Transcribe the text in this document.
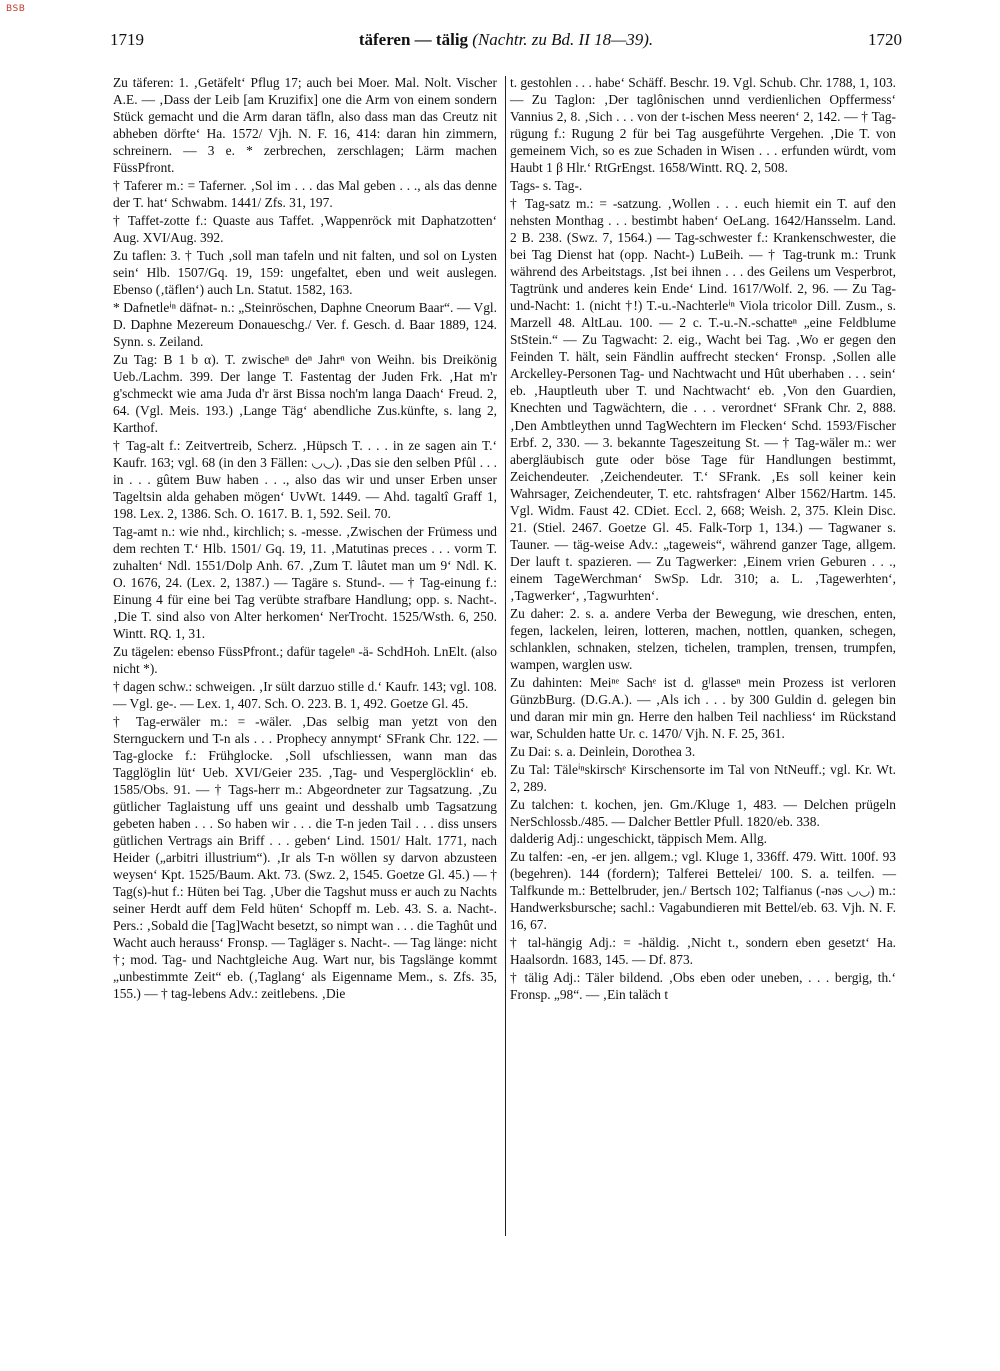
BSB
1719	täferen — tälig (Nachtr. zu Bd. II 18—39).	1720

Zu täferen: 1. ‚Getäfelt‘ Pflug 17; auch bei Moer. Mal. Nolt. Vischer A.E. — ‚Dass der Leib [am Kruzifix] one die Arm von einem sondern Stück gemacht und die Arm daran täfln, also dass man das Creutz nit abheben dörfte‘ Ha. 1572/ Vjh. N. F. 16, 414: daran hin zimmern, schreinern. — 3 e. * zerbrechen, zerschlagen; Lärm machen FüssPfront.

† Taferer m.: = Taferner. ‚Sol im . . . das Mal geben . . ., als das denne der T. hat‘ Schwabm. 1441/ Zfs. 31, 197.

† Taffet-zotte f.: Quaste aus Taffet. ‚Wappenröck mit Daphatzotten‘ Aug. XVI/Aug. 392.

Zu taflen: 3. † Tuch ‚soll man tafeln und nit falten, und sol on Lysten sein‘ Hlb. 1507/Gq. 19, 159: ungefaltet, eben und weit auslegen. Ebenso (‚täflen‘) auch Ln. Statut. 1582, 163.

* Dafnetleⁱⁿ däfnǝt- n.: „Steinröschen, Daphne Cneorum Baar“. — Vgl. D. Daphne Mezereum Donaueschg./ Ver. f. Gesch. d. Baar 1889, 124. Synn. s. Zeiland.

Zu Tag: B 1 b α). T. zwischeⁿ deⁿ Jahrⁿ von Weihn. bis Dreikönig Ueb./Lachm. 399. Der lange T. Fastentag der Juden Frk. ‚Hat m'r g'schmeckt wie ama Juda d'r ärst Bissa noch'm langa Daach‘ Freud. 2, 64. (Vgl. Meis. 193.) ‚Lange Täg‘ abendliche Zus.künfte, s. lang 2, Karthof.

† Tag-alt f.: Zeitvertreib, Scherz. ‚Hüpsch T. . . . in ze sagen ain T.‘ Kaufr. 163; vgl. 68 (in den 3 Fällen: ◡◡). ‚Das sie den selben Pfûl . . . in . . . gûtem Buw haben . . ., also das wir und unser Erben unser Tageltsin alda gehaben mögen‘ UvWt. 1449. — Ahd. tagaltî Graff 1, 198. Lex. 2, 1386. Sch. O. 1617. B. 1, 592. Seil. 70.

Tag-amt n.: wie nhd., kirchlich; s. -messe. ‚Zwischen der Frümess und dem rechten T.‘ Hlb. 1501/ Gq. 19, 11. ‚Matutinas preces . . . vorm T. zuhalten‘ Ndl. 1551/Dolp Anh. 67. ‚Zum T. lâutet man um 9‘ Ndl. K. O. 1676, 24. (Lex. 2, 1387.) — Tagäre s. Stund-. — † Tag-einung f.: Einung 4 für eine bei Tag verübte strafbare Handlung; opp. s. Nacht-. ‚Die T. sind also von Alter herkomen‘ NerTrocht. 1525/Wsth. 6, 250. Wintt. RQ. 1, 31.

Zu tägelen: ebenso FüssPfront.; dafür tageleⁿ -ä- SchdHoh. LnElt. (also nicht *).

† dagen schw.: schweigen. ‚Ir sült darzuo stille d.‘ Kaufr. 143; vgl. 108. — Vgl. ge-. — Lex. 1, 407. Sch. O. 223. B. 1, 492. Goetze Gl. 45.

† Tag-erwäler m.: = -wäler. ‚Das selbig man yetzt von den Sternguckern und T-n als . . . Prophecy annympt‘ SFrank Chr. 122. — Tag-glocke f.: Frühglocke. ‚Soll ufschliessen, wann man das Tagglöglin lüt‘ Ueb. XVI/Geier 235. ‚Tag- und Vesperglöcklin‘ eb. 1585/Obs. 91. — † Tags-herr m.: Abgeordneter zur Tagsatzung. ‚Zu gütlicher Taglaistung uff uns geaint und desshalb umb Tagsatzung gebeten haben . . . So haben wir . . . die T-n jeden Tail . . . diss unsers gütlichen Vertrags ain Briff . . . geben‘ Lind. 1501/ Halt. 1771, nach Heider („arbitri illustrium“). ‚Ir als T-n wöllen sy darvon abzusteen weysen‘ Kpt. 1525/Baum. Akt. 73. (Swz. 2, 1545. Goetze Gl. 45.) — † Tag(s)-hut f.: Hüten bei Tag. ‚Uber die Tagshut muss er auch zu Nachts seiner Herdt auff dem Feld hüten‘ Schopff m. Leb. 43. S. a. Nacht-. Pers.: ‚Sobald die [Tag]Wacht besetzt, so nimpt wan . . . die Taghût und Wacht auch herauss‘ Fronsp. — Tagläger s. Nacht-. — Tag länge: nicht †; mod. Tag- und Nachtgleiche Aug. Wart nur, bis Tagslänge kommt „unbestimmte Zeit“ eb. (‚Taglang‘ als Eigenname Mem., s. Zfs. 35, 155.) — † tag-lebens Adv.: zeitlebens. ‚Die

t. gestohlen . . . habe‘ Schäff. Beschr. 19. Vgl. Schub. Chr. 1788, 1, 103. — Zu Taglon: ‚Der taglônischen unnd verdienlichen Opffermess‘ Vannius 2, 8. ‚Sich . . . von der t-ischen Mess neeren‘ 2, 142. — † Tag-rügung f.: Rugung 2 für bei Tag ausgeführte Vergehen. ‚Die T. von gemeinem Vich, so es zue Schaden in Wisen . . . erfunden würdt, vom Haubt 1 β Hlr.‘ RtGrEngst. 1658/Wintt. RQ. 2, 508.

Tags- s. Tag-.

† Tag-satz m.: = -satzung. ‚Wollen . . . euch hiemit ein T. auf den nehsten Monthag . . . bestimbt haben‘ OeLang. 1642/Hansselm. Land. 2 B. 238. (Swz. 7, 1564.) — Tag-schwester f.: Krankenschwester, die bei Tag Dienst hat (opp. Nacht-) LuBeih. — † Tag-trunk m.: Trunk während des Arbeitstags. ‚Ist bei ihnen . . . des Geilens um Vesperbrot, Tagtrünk und anderes kein Ende‘ Lind. 1617/Wolf. 2, 96. — Zu Tag-und-Nacht: 1. (nicht †!) T.-u.-Nachterleⁱⁿ Viola tricolor Dill. Zusm., s. Marzell 48. AltLau. 100. — 2 c. T.-u.-N.-schatteⁿ „eine Feldblume StStein.“ — Zu Tagwacht: 2. eig., Wacht bei Tag. ‚Wo er gegen den Feinden T. hält, sein Fändlin auffrecht stecken‘ Fronsp. ‚Sollen alle Arckelley-Personen Tag- und Nachtwacht und Hût uberhaben . . . sein‘ eb. ‚Hauptleuth uber T. und Nachtwacht‘ eb. ‚Von den Guardien, Knechten und Tagwächtern, die . . . verordnet‘ SFrank Chr. 2, 888. ‚Den Ambtleythen unnd TagWechtern im Flecken‘ Schd. 1593/Fischer Erbf. 2, 330. — 3. bekannte Tageszeitung St. — † Tag-wäler m.: wer abergläubisch gute oder böse Tage für Handlungen bestimmt, Zeichendeuter. ‚Zeichendeuter. T.‘ SFrank. ‚Es soll keiner kein Wahrsager, Zeichendeuter, T. etc. rahtsfragen‘ Alber 1562/Hartm. 145. Vgl. Widm. Faust 42. CDiet. Eccl. 2, 668; Weish. 2, 375. Klein Disc. 21. (Stiel. 2467. Goetze Gl. 45. Falk-Torp 1, 134.) — Tagwaner s. Tauner. — täg-weise Adv.: „tageweis“, während ganzer Tage, allgem. Der lauft t. spazieren. — Zu Tagwerker: ‚Einem vrien Geburen . . ., einem TageWerchman‘ SwSp. Ldr. 310; a. L. ‚Tagewerhten‘, ‚Tagwerker‘, ‚Tagwurhten‘.

Zu daher: 2. s. a. andere Verba der Bewegung, wie dreschen, enten, fegen, lackelen, leiren, lotteren, machen, nottlen, quanken, schegen, schlanklen, schnaken, stelzen, tichelen, tramplen, trensen, trumpfen, wampen, warglen usw.

Zu dahinten: Meiⁿᵉ Sachᵉ ist d. gˡlasseⁿ mein Prozess ist verloren GünzbBurg. (D.G.A.). — ‚Als ich . . . by 300 Guldin d. gelegen bin und daran mir min gn. Herre den halben Teil nachliess‘ im Rückstand war, Schulden hatte Ur. c. 1470/ Vjh. N. F. 25, 361.

Zu Dai: s. a. Deinlein, Dorothea 3.

Zu Tal: Täleⁱⁿskirschᵉ Kirschensorte im Tal von NtNeuff.; vgl. Kr. Wt. 2, 289.

Zu talchen: t. kochen, jen. Gm./Kluge 1, 483. — Delchen prügeln NerSchlossb./485. — Dalcher Bettler Pfull. 1820/eb. 338.

dalderig Adj.: ungeschickt, täppisch Mem. Allg.

Zu talfen: -en, -er jen. allgem.; vgl. Kluge 1, 336ff. 479. Witt. 100f. 93 (begehren). 144 (fordern); Talferei Bettelei/ 100. S. a. teilfen. — Talfkunde m.: Bettelbruder, jen./ Bertsch 102; Talfianus (-nǝs ◡◡) m.: Handwerksbursche; sachl.: Vagabundieren mit Bettel/eb. 63. Vjh. N. F. 16, 67.

† tal-hängig Adj.: = -häldig. ‚Nicht t., sondern eben gesetzt‘ Ha. Haalsordn. 1683, 145. — Df. 873.

† tälig Adj.: Täler bildend. ‚Obs eben oder uneben, . . . bergig, th.‘ Fronsp. „98“. — ‚Ein taläch t
